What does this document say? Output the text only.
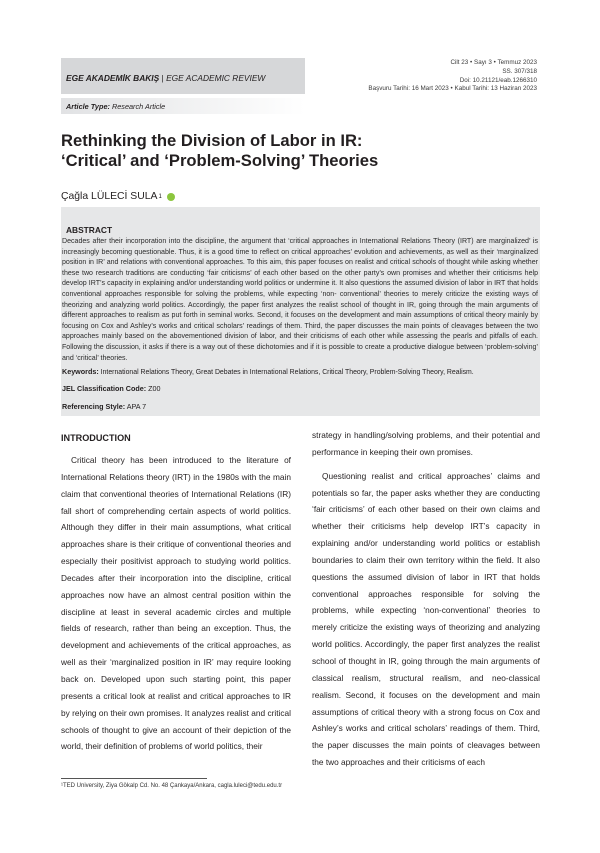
EGE AKADEMİK BAKIŞ | EGE ACADEMIC REVIEW
Cilt 23 • Sayı 3 • Temmuz 2023
SS. 307/318
Doi: 10.21121/eab.1266310
Başvuru Tarihi: 16 Mart 2023 • Kabul Tarihi: 13 Haziran 2023
Article Type: Research Article
Rethinking the Division of Labor in IR:
‘Critical’ and ‘Problem-Solving’ Theories
Çağla LÜLECİ SULA 1
ABSTRACT
Decades after their incorporation into the discipline, the argument that ‘critical approaches in International Relations Theory (IRT) are marginalized’ is increasingly becoming questionable. Thus, it is a good time to reflect on critical approaches’ evolution and achievements, as well as their ‘marginalized position in IR’ and relations with conventional approaches. To this aim, this paper focuses on realist and critical schools of thought while asking whether these two research traditions are conducting ‘fair criticisms’ of each other based on the other party’s own promises and whether their criticisms help develop IRT’s capacity in explaining and/or understanding world politics or undermine it. It also questions the assumed division of labor in IRT that holds conventional approaches responsible for solving the problems, while expecting ‘non- conventional’ theories to merely criticize the existing ways of theorizing and analyzing world politics. Accordingly, the paper first analyzes the realist school of thought in IR, going through the main arguments of different approaches to realism as put forth in seminal works. Second, it focuses on the development and main assumptions of critical theory mainly by focusing on Cox and Ashley’s works and critical scholars’ readings of them. Third, the paper discusses the main points of cleavages between the two approaches mainly based on the abovementioned division of labor, and their criticisms of each other while assessing the pearls and pitfalls of each. Following the discussion, it asks if there is a way out of these dichotomies and if it is possible to create a productive dialogue between ‘problem-solving’ and ‘critical’ theories.
Keywords: International Relations Theory, Great Debates in International Relations, Critical Theory, Problem-Solving Theory, Realism.
JEL Classification Code: Z00
Referencing Style: APA 7
INTRODUCTION

Critical theory has been introduced to the literature of International Relations theory (IRT) in the 1980s with the main claim that conventional theories of International Relations (IR) fall short of comprehending certain aspects of world politics. Although they differ in their main assumptions, what critical approaches share is their critique of conventional theories and especially their positivist approach to studying world politics. Decades after their incorporation into the discipline, critical approaches now have an almost central position within the discipline at least in several academic circles and multiple fields of research, rather than being an exception. Thus, the development and achievements of the critical approaches, as well as their ‘marginalized position in IR’ may require looking back on. Developed upon such starting point, this paper presents a critical look at realist and critical approaches to IR by relying on their own promises. It analyzes realist and critical schools of thought to give an account of their depiction of the world, their definition of problems of world politics, their

strategy in handling/solving problems, and their potential and performance in keeping their own promises.

Questioning realist and critical approaches’ claims and potentials so far, the paper asks whether they are conducting ‘fair criticisms’ of each other based on their own claims and whether their criticisms help develop IRT’s capacity in explaining and/or understanding world politics or establish boundaries to claim their own territory within the field. It also questions the assumed division of labor in IRT that holds conventional approaches responsible for solving the problems, while expecting ‘non-conventional’ theories to merely criticize the existing ways of theorizing and analyzing world politics. Accordingly, the paper first analyzes the realist school of thought in IR, going through the main arguments of classical realism, structural realism, and neo-classical realism. Second, it focuses on the development and main assumptions of critical theory with a strong focus on Cox and Ashley’s works and critical scholars’ readings of them. Third, the paper discusses the main points of cleavages between the two approaches and their criticisms of each

¹TED University, Ziya Gökalp Cd. No. 48 Çankaya/Ankara, cagla.luleci@tedu.edu.tr
